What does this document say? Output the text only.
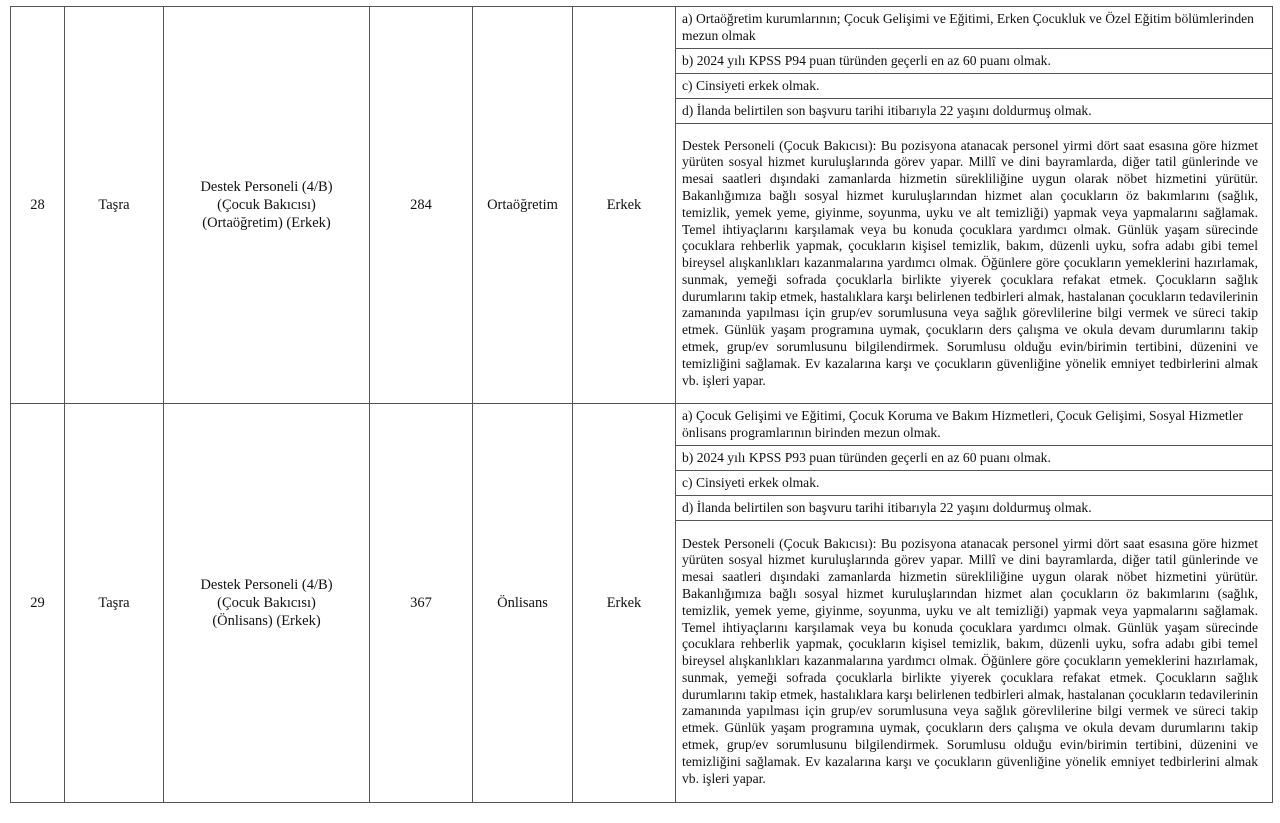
28	Taşra	Destek Personeli (4/B)
(Çocuk Bakıcısı)
(Ortaöğretim) (Erkek)	284	Ortaöğretim	Erkek	a) Ortaöğretim kurumlarının; Çocuk Gelişimi ve Eğitimi, Erken Çocukluk ve Özel Eğitim bölümlerinden mezun olmak
						b) 2024 yılı KPSS P94 puan türünden geçerli en az 60 puanı olmak.
						c) Cinsiyeti erkek olmak.
						d) İlanda belirtilen son başvuru tarihi itibarıyla 22 yaşını doldurmuş olmak.
						Destek Personeli (Çocuk Bakıcısı): Bu pozisyona atanacak personel yirmi dört saat esasına göre hizmet yürüten sosyal hizmet kuruluşlarında görev yapar. Millî ve dini bayramlarda, diğer tatil günlerinde ve mesai saatleri dışındaki zamanlarda hizmetin sürekliliğine uygun olarak nöbet hizmetini yürütür. Bakanlığımıza bağlı sosyal hizmet kuruluşlarından hizmet alan çocukların öz bakımlarını (sağlık, temizlik, yemek yeme, giyinme, soyunma, uyku ve alt temizliği) yapmak veya yapmalarını sağlamak. Temel ihtiyaçlarını karşılamak veya bu konuda çocuklara yardımcı olmak. Günlük yaşam sürecinde çocuklara rehberlik yapmak, çocukların kişisel temizlik, bakım, düzenli uyku, sofra adabı gibi temel bireysel alışkanlıkları kazanmalarına yardımcı olmak. Öğünlere göre çocukların yemeklerini hazırlamak, sunmak, yemeği sofrada çocuklarla birlikte yiyerek çocuklara refakat etmek. Çocukların sağlık durumlarını takip etmek, hastalıklara karşı belirlenen tedbirleri almak, hastalanan çocukların tedavilerinin zamanında yapılması için grup/ev sorumlusuna veya sağlık görevlilerine bilgi vermek ve süreci takip etmek. Günlük yaşam programına uymak, çocukların ders çalışma ve okula devam durumlarını takip etmek, grup/ev sorumlusunu bilgilendirmek. Sorumlusu olduğu evin/birimin tertibini, düzenini ve temizliğini sağlamak. Ev kazalarına karşı ve çocukların güvenliğine yönelik emniyet tedbirlerini almak vb. işleri yapar.
29	Taşra	Destek Personeli (4/B)
(Çocuk Bakıcısı)
(Önlisans) (Erkek)	367	Önlisans	Erkek	a) Çocuk Gelişimi ve Eğitimi, Çocuk Koruma ve Bakım Hizmetleri, Çocuk Gelişimi, Sosyal Hizmetler önlisans programlarının birinden mezun olmak.
						b) 2024 yılı KPSS P93 puan türünden geçerli en az 60 puanı olmak.
						c) Cinsiyeti erkek olmak.
						d) İlanda belirtilen son başvuru tarihi itibarıyla 22 yaşını doldurmuş olmak.
						Destek Personeli (Çocuk Bakıcısı): Bu pozisyona atanacak personel yirmi dört saat esasına göre hizmet yürüten sosyal hizmet kuruluşlarında görev yapar. Millî ve dini bayramlarda, diğer tatil günlerinde ve mesai saatleri dışındaki zamanlarda hizmetin sürekliliğine uygun olarak nöbet hizmetini yürütür. Bakanlığımıza bağlı sosyal hizmet kuruluşlarından hizmet alan çocukların öz bakımlarını (sağlık, temizlik, yemek yeme, giyinme, soyunma, uyku ve alt temizliği) yapmak veya yapmalarını sağlamak. Temel ihtiyaçlarını karşılamak veya bu konuda çocuklara yardımcı olmak. Günlük yaşam sürecinde çocuklara rehberlik yapmak, çocukların kişisel temizlik, bakım, düzenli uyku, sofra adabı gibi temel bireysel alışkanlıkları kazanmalarına yardımcı olmak. Öğünlere göre çocukların yemeklerini hazırlamak, sunmak, yemeği sofrada çocuklarla birlikte yiyerek çocuklara refakat etmek. Çocukların sağlık durumlarını takip etmek, hastalıklara karşı belirlenen tedbirleri almak, hastalanan çocukların tedavilerinin zamanında yapılması için grup/ev sorumlusuna veya sağlık görevlilerine bilgi vermek ve süreci takip etmek. Günlük yaşam programına uymak, çocukların ders çalışma ve okula devam durumlarını takip etmek, grup/ev sorumlusunu bilgilendirmek. Sorumlusu olduğu evin/birimin tertibini, düzenini ve temizliğini sağlamak. Ev kazalarına karşı ve çocukların güvenliğine yönelik emniyet tedbirlerini almak vb. işleri yapar.
